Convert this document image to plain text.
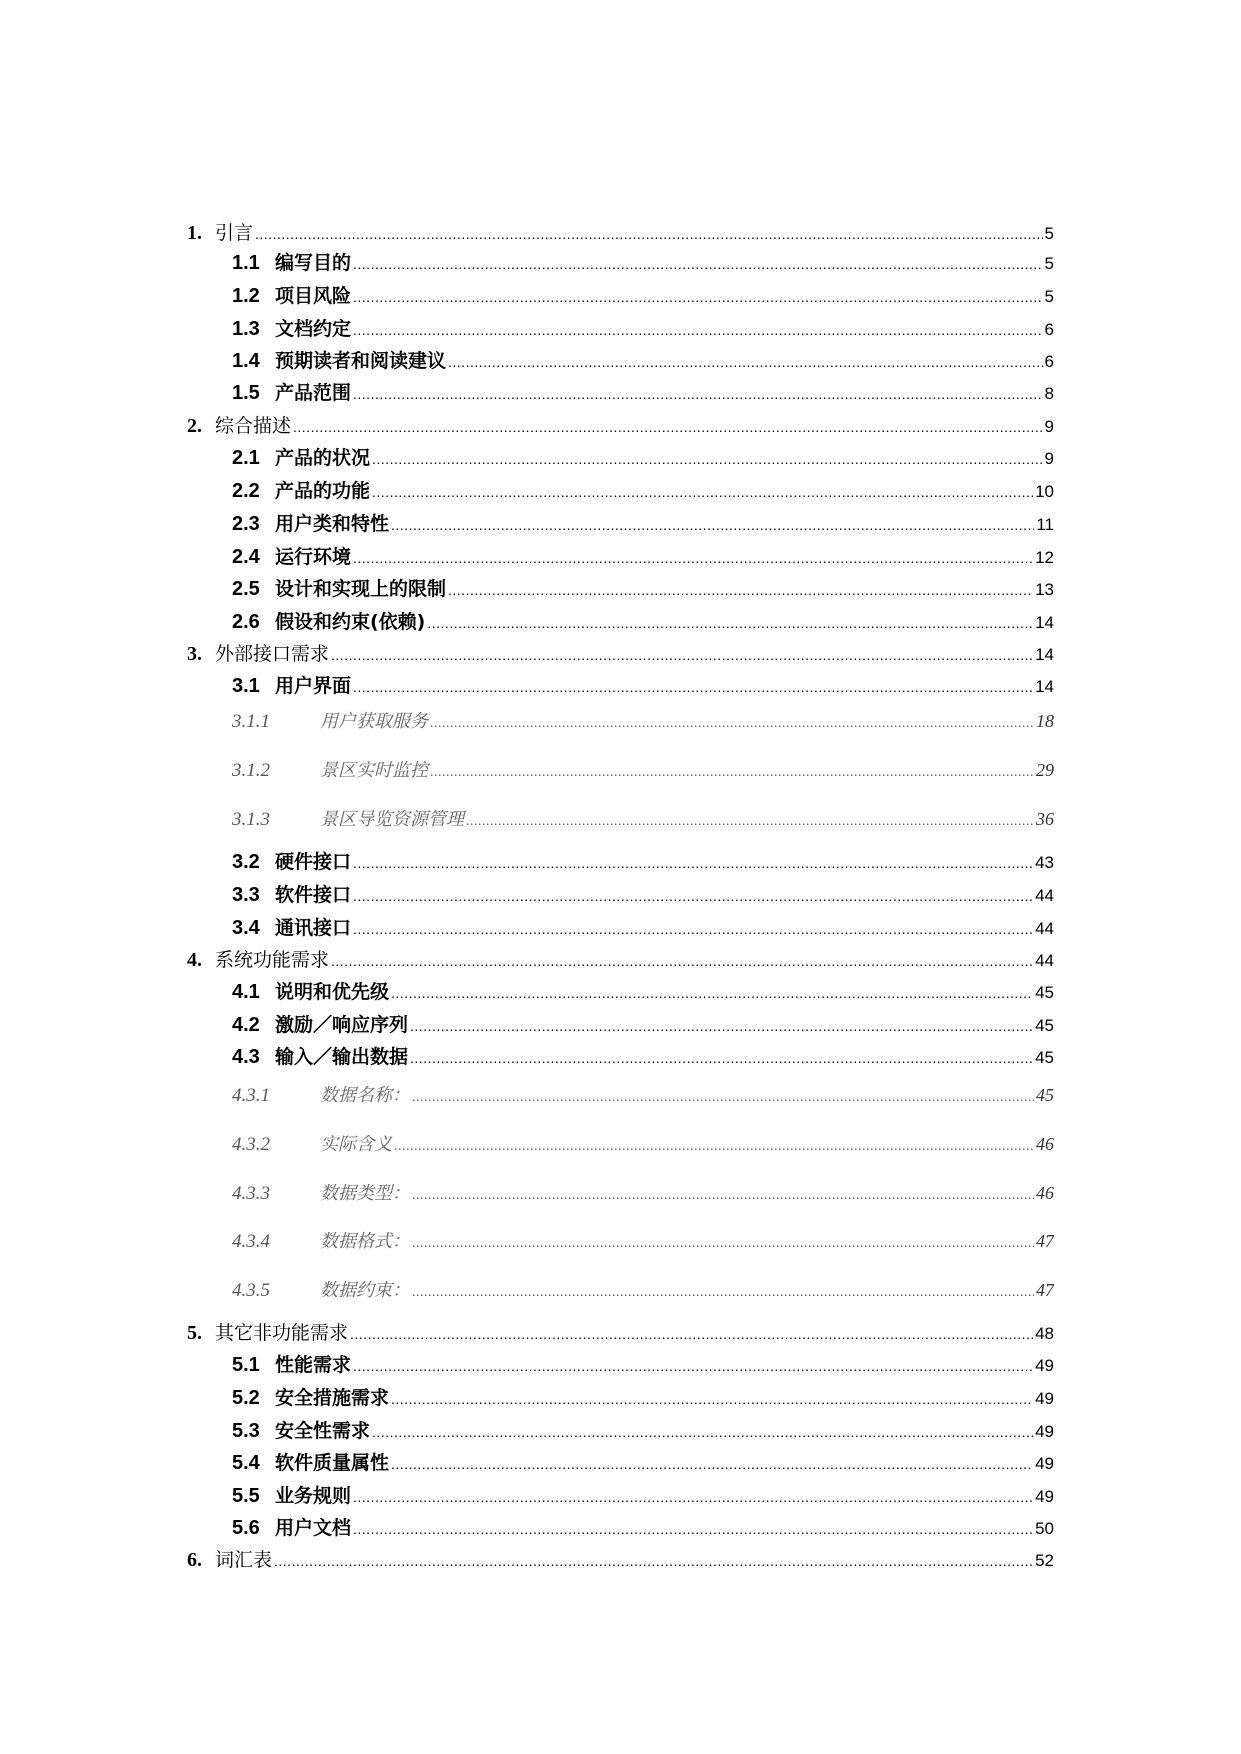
1. 引言 .....	5
1.1 编写目的 .....	5
1.2 项目风险 .....	5
1.3 文档约定 .....	6
1.4 预期读者和阅读建议 .....	6
1.5 产品范围 .....	8
2. 综合描述 .....	9
2.1 产品的状况 .....	9
2.2 产品的功能 .....	10
2.3 用户类和特性 .....	11
2.4 运行环境 .....	12
2.5 设计和实现上的限制 .....	13
2.6 假设和约束(依赖) .....	14
3. 外部接口需求 .....	14
3.1 用户界面 .....	14
3.1.1	用户获取服务 .....	18
3.1.2	景区实时监控 .....	29
3.1.3	景区导览资源管理 .....	36
3.2 硬件接口 .....	43
3.3 软件接口 .....	44
3.4 通讯接口 .....	44
4. 系统功能需求 .....	44
4.1 说明和优先级 .....	45
4.2 激励／响应序列 .....	45
4.3 输入／输出数据 .....	45
4.3.1	数据名称： .....	45
4.3.2	实际含义 .....	46
4.3.3	数据类型： .....	46
4.3.4	数据格式： .....	47
4.3.5	数据约束： .....	47
5. 其它非功能需求 .....	48
5.1 性能需求 .....	49
5.2 安全措施需求 .....	49
5.3 安全性需求 .....	49
5.4 软件质量属性 .....	49
5.5 业务规则 .....	49
5.6 用户文档 .....	50
6. 词汇表 .....	52
